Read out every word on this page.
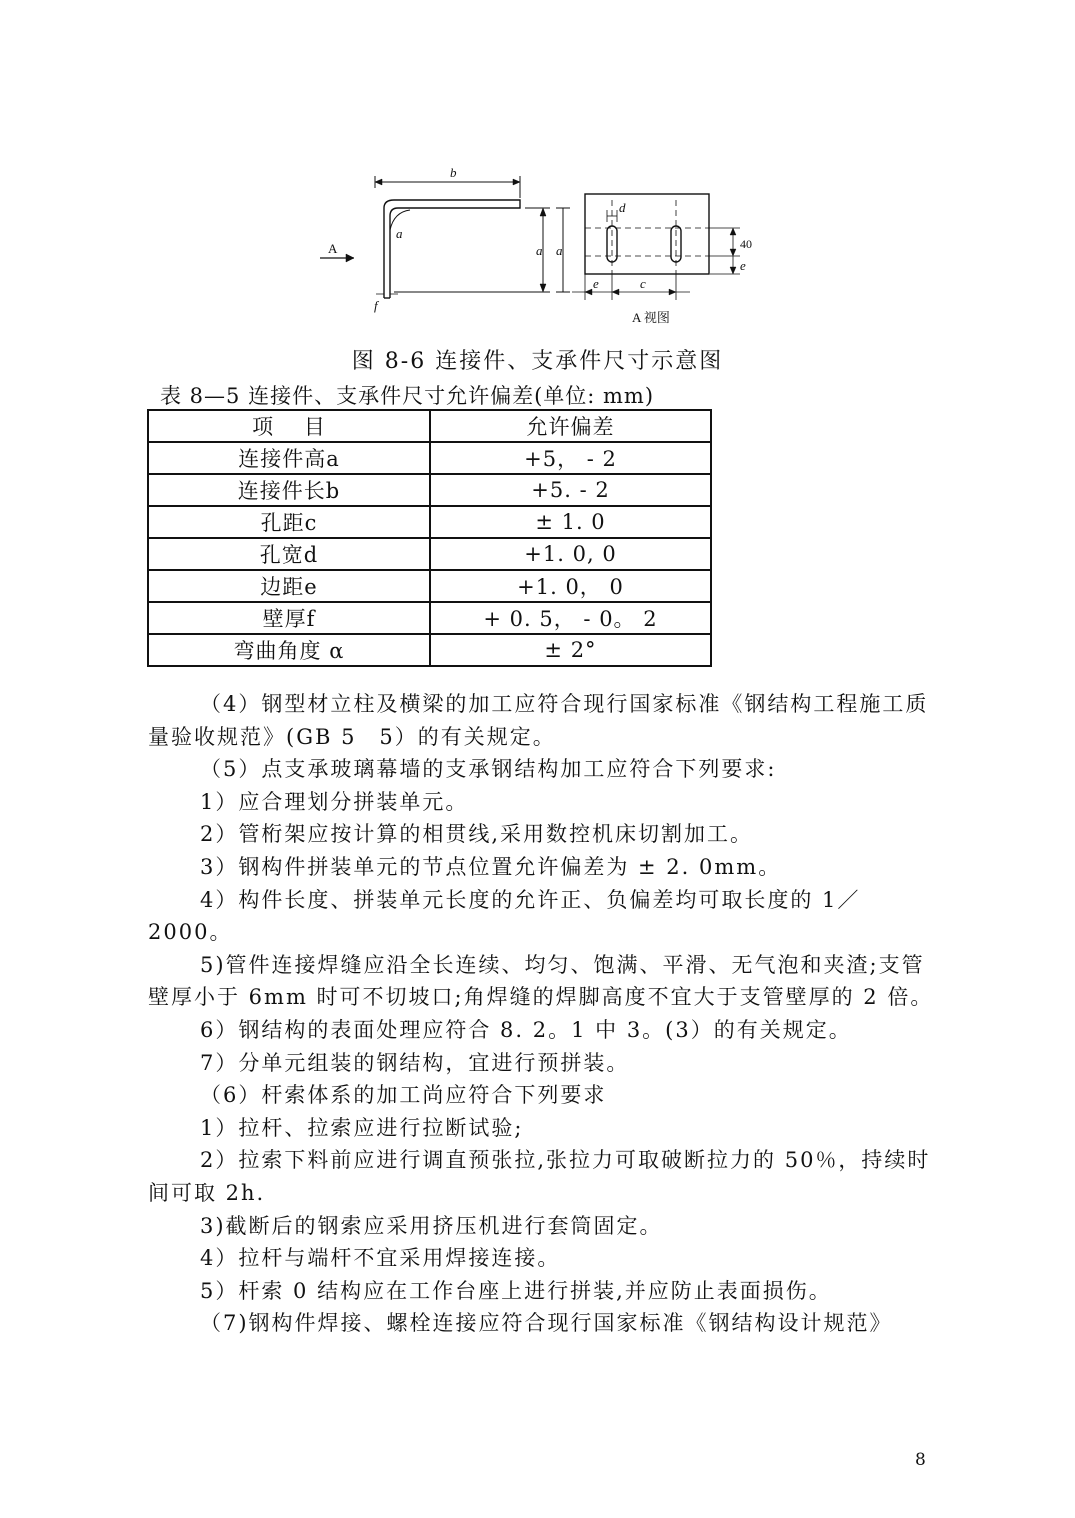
b
A
a
a a
f
d
40
e
e	c
A 视图
图 8-6 连接件、支承件尺寸示意图
表 8—5 连接件、支承件尺寸允许偏差(单位: mm)
项　 目	允许偏差
连接件高a	+5， - 2
连接件长b	+5. - 2
孔距c	± 1. 0
孔宽d	+1. 0, 0
边距e	+1. 0， 0
壁厚f	+ 0. 5， - 0。 2
弯曲角度 α	± 2°

（4）钢型材立柱及横梁的加工应符合现行国家标准《钢结构工程施工质量验收规范》(GB 5　5）的有关规定。

（5）点支承玻璃幕墙的支承钢结构加工应符合下列要求:

1）应合理划分拼装单元。

2）管桁架应按计算的相贯线,采用数控机床切割加工。

3）钢构件拼装单元的节点位置允许偏差为 ± 2. 0mm。

4）构件长度、拼装单元长度的允许正、负偏差均可取长度的 1／2000。

5)管件连接焊缝应沿全长连续、均匀、饱满、平滑、无气泡和夹渣;支管壁厚小于 6mm 时可不切坡口;角焊缝的焊脚高度不宜大于支管壁厚的 2 倍。

6）钢结构的表面处理应符合 8. 2。1 中 3。(3）的有关规定。

7）分单元组装的钢结构，宜进行预拼装。

（6）杆索体系的加工尚应符合下列要求

1）拉杆、拉索应进行拉断试验;

2）拉索下料前应进行调直预张拉,张拉力可取破断拉力的 50％，持续时间可取 2h.

3)截断后的钢索应采用挤压机进行套筒固定。

4）拉杆与端杆不宜采用焊接连接。

5）杆索 0 结构应在工作台座上进行拼装,并应防止表面损伤。

（7)钢构件焊接、螺栓连接应符合现行国家标准《钢结构设计规范》

8
